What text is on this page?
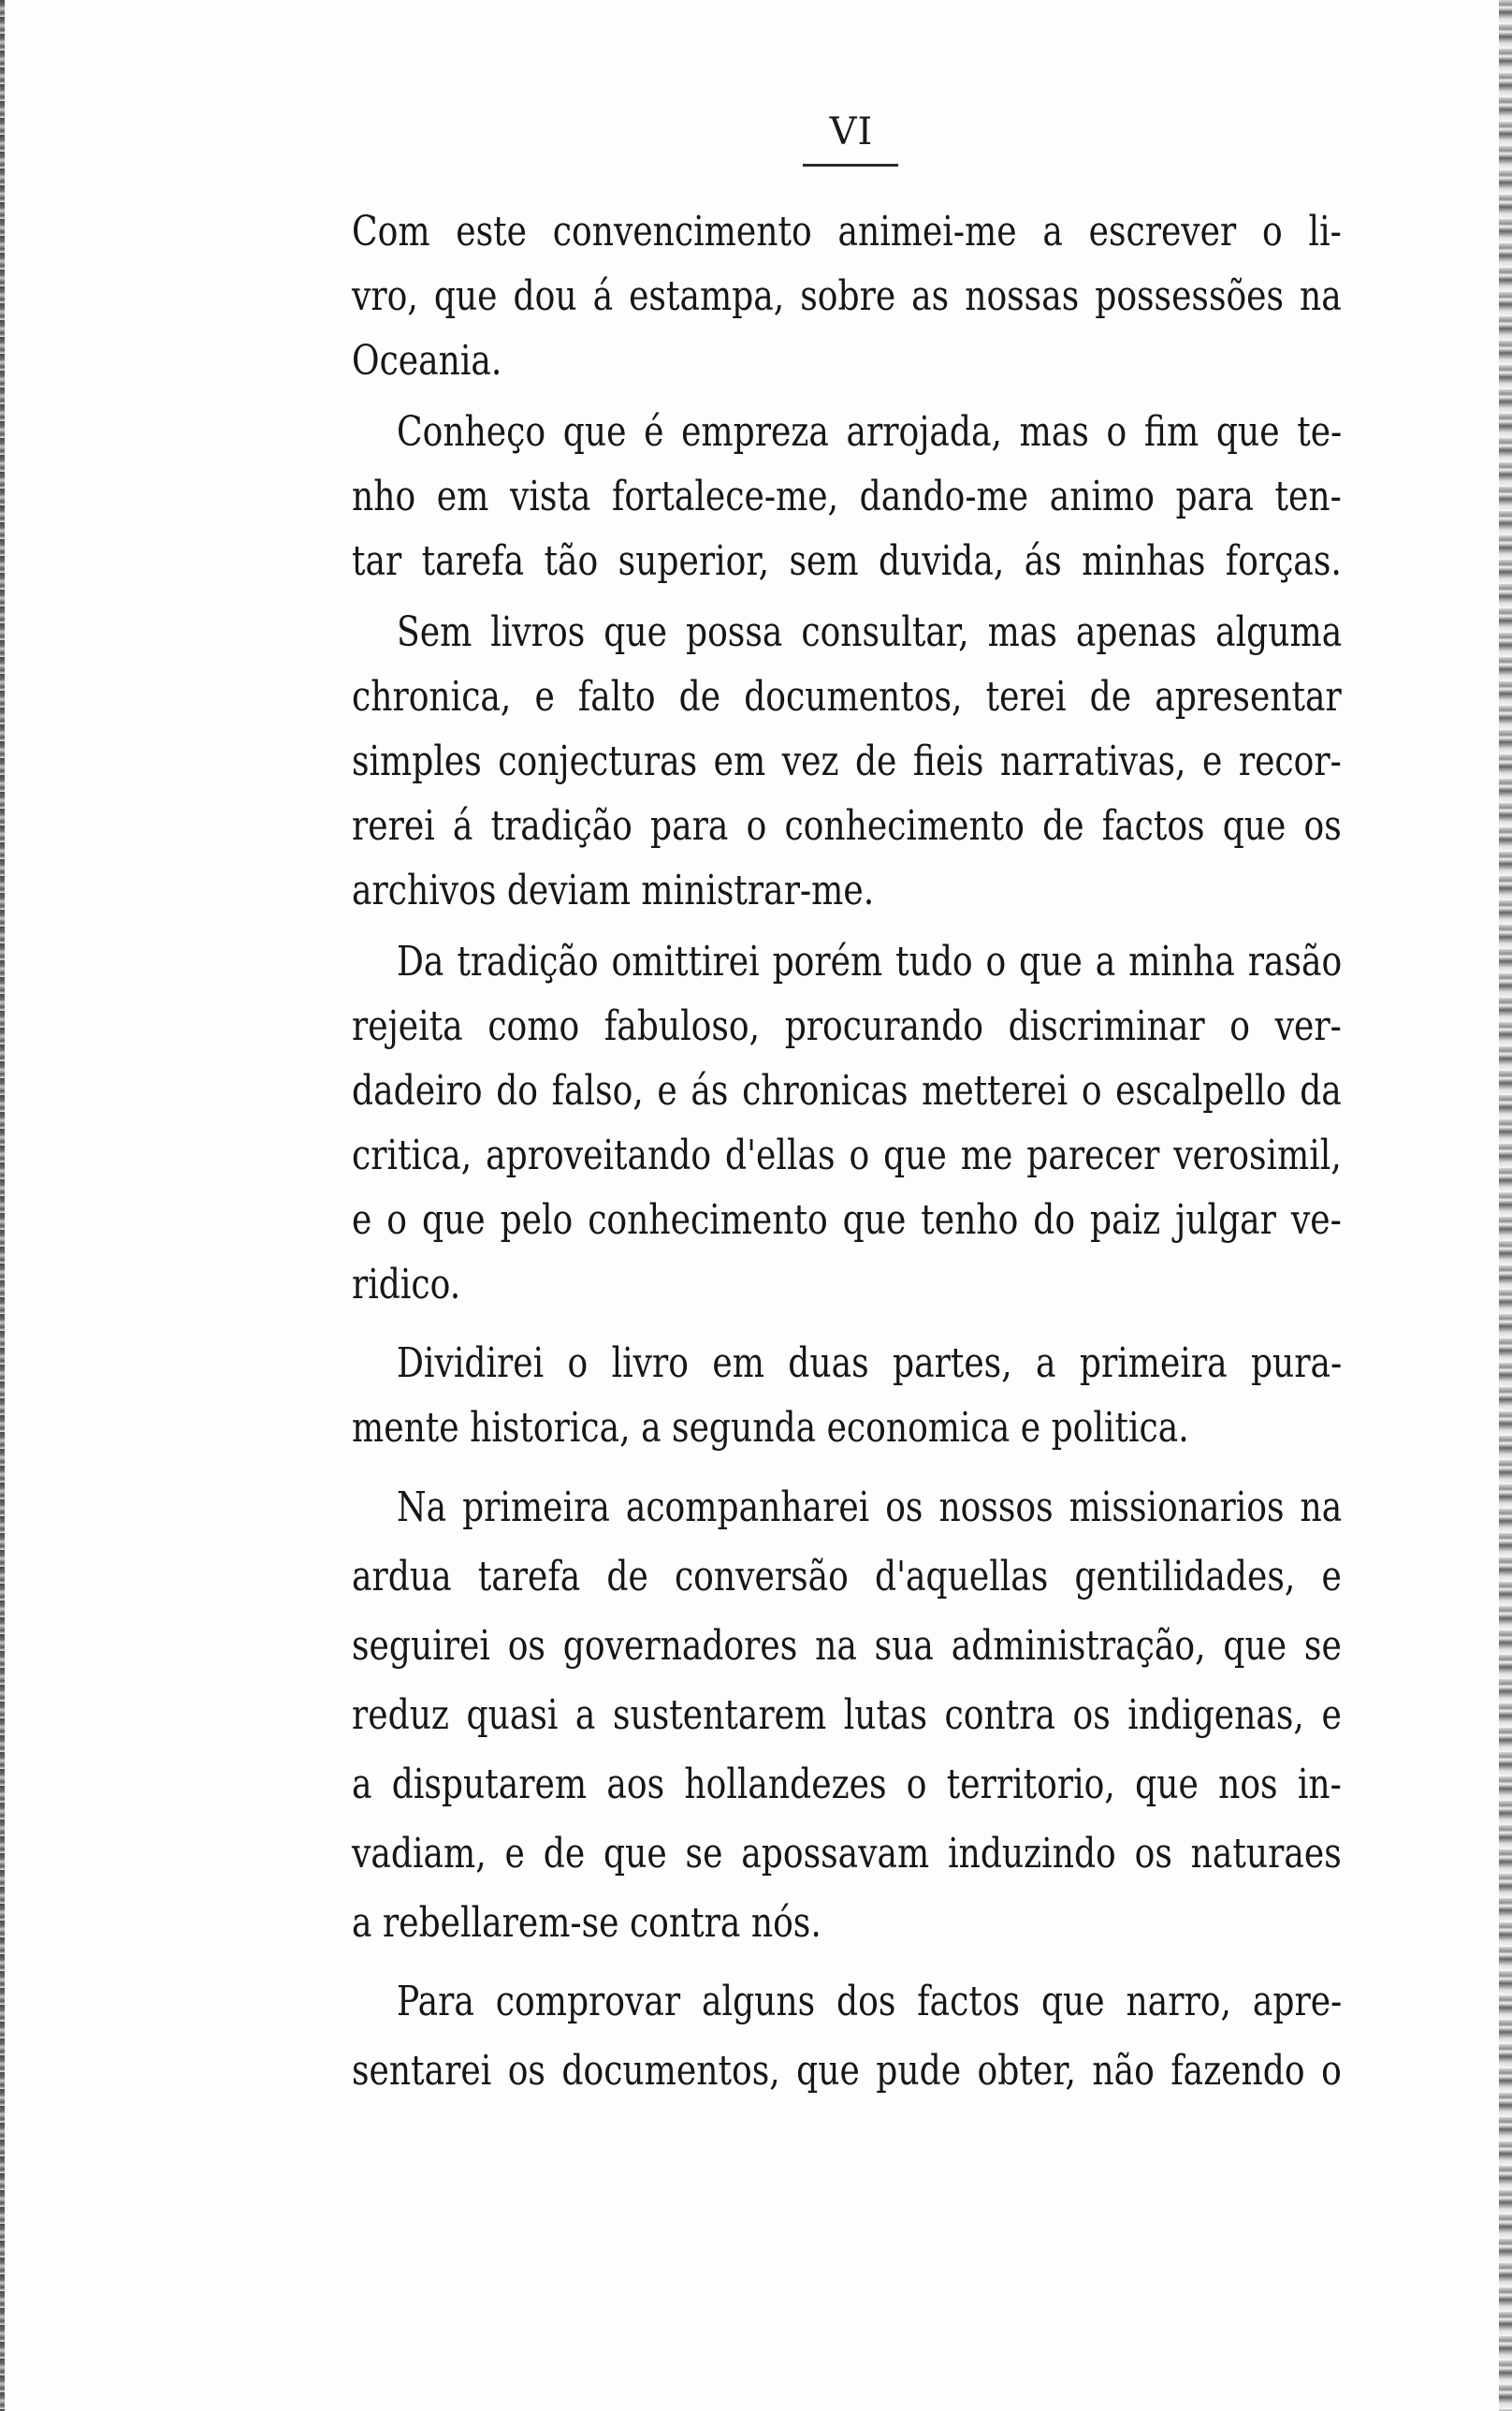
VI
Com este convencimento animei-me a escrever o li-
vro, que dou á estampa, sobre as nossas possessões na
Oceania.
Conheço que é empreza arrojada, mas o fim que te-
nho em vista fortalece-me, dando-me animo para ten-
tar tarefa tão superior, sem duvida, ás minhas forças.
Sem livros que possa consultar, mas apenas alguma
chronica, e falto de documentos, terei de apresentar
simples conjecturas em vez de fieis narrativas, e recor-
rerei á tradição para o conhecimento de factos que os
archivos deviam ministrar-me.
Da tradição omittirei porém tudo o que a minha rasão
rejeita como fabuloso, procurando discriminar o ver-
dadeiro do falso, e ás chronicas metterei o escalpello da
critica, aproveitando d'ellas o que me parecer verosimil,
e o que pelo conhecimento que tenho do paiz julgar ve-
ridico.
Dividirei o livro em duas partes, a primeira pura-
mente historica, a segunda economica e politica.
Na primeira acompanharei os nossos missionarios na
ardua tarefa de conversão d'aquellas gentilidades, e
seguirei os governadores na sua administração, que se
reduz quasi a sustentarem lutas contra os indigenas, e
a disputarem aos hollandezes o territorio, que nos in-
vadiam, e de que se apossavam induzindo os naturaes
a rebellarem-se contra nós.
Para comprovar alguns dos factos que narro, apre-
sentarei os documentos, que pude obter, não fazendo o
